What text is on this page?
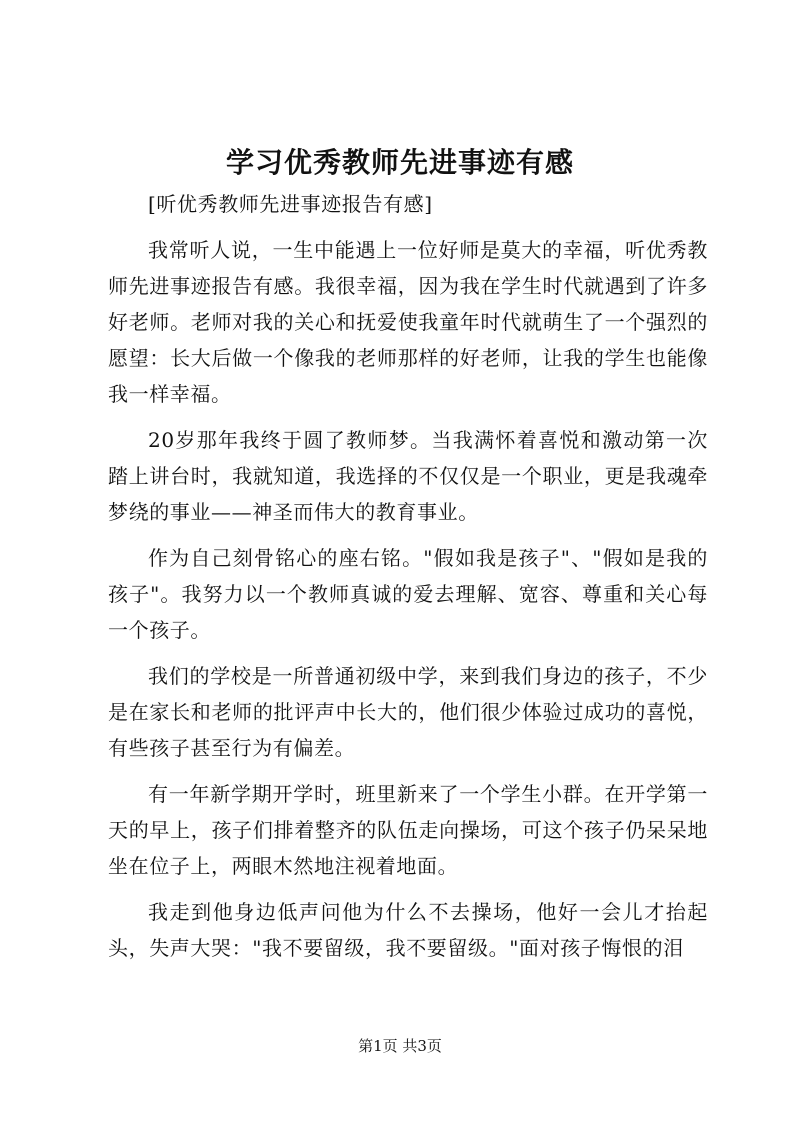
学习优秀教师先进事迹有感

[听优秀教师先进事迹报告有感]

我常听人说，一生中能遇上一位好师是莫大的幸福，听优秀教师先进事迹报告有感。我很幸福，因为我在学生时代就遇到了许多好老师。老师对我的关心和抚爱使我童年时代就萌生了一个强烈的愿望：长大后做一个像我的老师那样的好老师，让我的学生也能像我一样幸福。

20岁那年我终于圆了教师梦。当我满怀着喜悦和激动第一次踏上讲台时，我就知道，我选择的不仅仅是一个职业，更是我魂牵梦绕的事业——神圣而伟大的教育事业。

作为自己刻骨铭心的座右铭。"假如我是孩子"、"假如是我的孩子"。我努力以一个教师真诚的爱去理解、宽容、尊重和关心每一个孩子。

我们的学校是一所普通初级中学，来到我们身边的孩子，不少是在家长和老师的批评声中长大的，他们很少体验过成功的喜悦，有些孩子甚至行为有偏差。

有一年新学期开学时，班里新来了一个学生小群。在开学第一天的早上，孩子们排着整齐的队伍走向操场，可这个孩子仍呆呆地坐在位子上，两眼木然地注视着地面。

我走到他身边低声问他为什么不去操场，他好一会儿才抬起头，失声大哭："我不要留级，我不要留级。"面对孩子悔恨的泪

第1页 共3页
